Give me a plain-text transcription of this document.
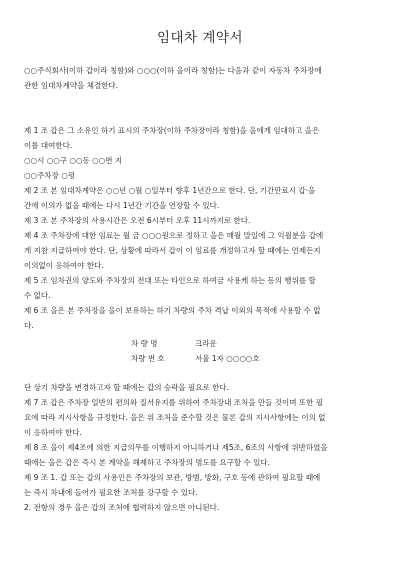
임대차 계약서
○○주식회사(이하 갑이라 칭함)와 ○○○(이하 을이라 칭함)는 다음과 같이 자동차 주차장에
관한 임대차계약을 체결한다.
제 1 조 갑은 그 소유인 하기 표시의 주차장(이하 주차장이라 칭함)을 을에게 임대하고 을은
이를 대여한다.
○○시 ○○구 ○○동 ○○번 지
○○주차장 ○평
제 2 조 본 임대차계약은 ○○년 ○월 ○일부터 향후 1년간으로 한다. 단, 기간만료시 갑·을
간에 이의가 없을 때에는 다시 1년간 기간을 연장할 수 있다.
제 3 조 본 주차장의 사용시간은 오전 6시부터 오후 11시까지로 한다.
제 4 조 주차장에 대한 임료는 월 금 ○○○원으로 정하고 을은 매월 말일에 그 익월분을 갑에
게 지참 지급하여야 한다. 단, 상황에 따라서 갑이 이 임료를 개정하고자 할 때에는 언제든지
이의없이 응하여야 한다.
제 5 조 임차권의 양도와 주차장의 전대 또는 타인으로 하여금 사용케 하는 등의 행위를 할
수 없다.
제 6 조 을은 본 주차장을 을이 보유하는 하기 차량의 주차 격납 이외의 목적에 사용할 수 없
다.
차 량 명	크라운
차량 번 호	서울 1자 ○○○○호
단 상기 차량을 변경하고자 할 때에는 갑의 승락을 필요로 한다.
제 7 조 갑은 주차장 일반의 편의와 질서유지를 위하여 주차장내 조처을 만들 것이며 또한 필
요에 따라 지시사항을 규정한다. 을은 위 조처을 준수할 것은 물론 갑의 지시사항에는 이의 없
이 응하여야 한다.
제 8 조 을이 제4조에 의한 지급의무를 이행하지 아니하거나 제5조, 6조의 사항에 위반하였을
때에는 을은 갑은 즉시 본 계약을 해제하고 주차장의 명도를 요구할 수 있다.
제 9 조 1. 갑 또는 갑의 사용인은 주차장의 보관, 방범, 방화, 구호 등에 관하여 필요할 때에
는 즉시 차내에 들어가 필요한 조처를 강구할 수 있다.
2. 전항의 경우 을은 갑의 조처에 협력하지 않으면 아니된다.
